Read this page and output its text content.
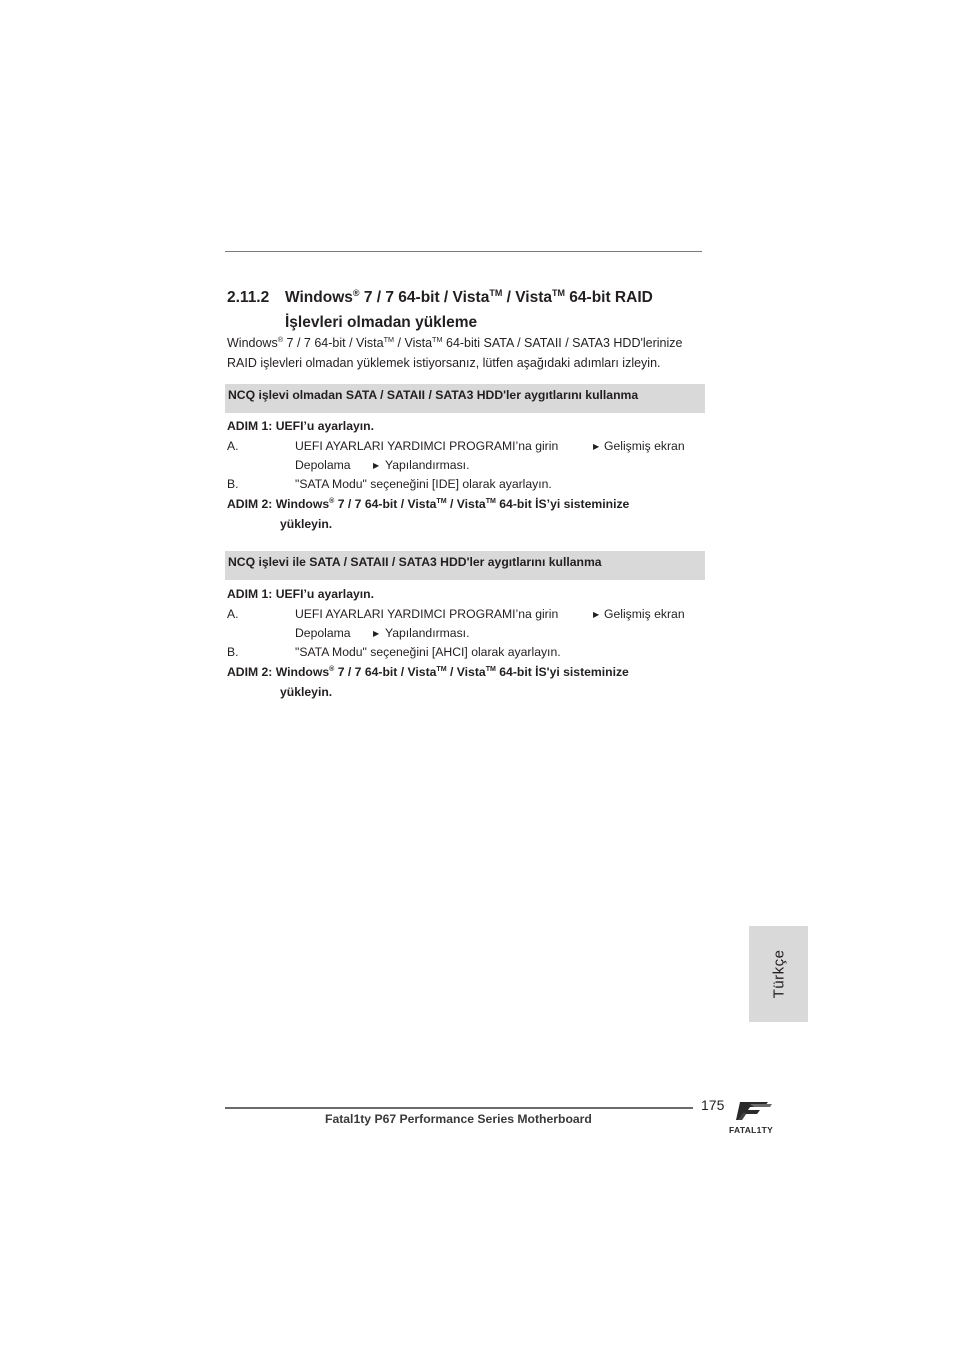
2.11.2 Windows® 7 / 7 64-bit / Vista™ / Vista™ 64-bit RAID
İşlevleri olmadan yükleme
Windows® 7 / 7 64-bit / Vista™ / Vista™ 64-biti SATA / SATAII / SATA3 HDD'lerinize
RAID işlevleri olmadan yüklemek istiyorsanız, lütfen aşağıdaki adımları izleyin.
NCQ işlevi olmadan SATA / SATAII / SATA3 HDD'ler aygıtlarını kullanma
ADIM 1: UEFI’u ayarlayın.
A.	UEFI AYARLARI YARDIMCI PROGRAMI’na girin	▶ Gelişmiş ekran
Depolama	▶ Yapılandırması.
B.	"SATA Modu" seçeneğini [IDE] olarak ayarlayın.
ADIM 2: Windows® 7 / 7 64-bit / Vista™ / Vista™ 64-bit İS’yi sisteminize
yükleyin.
NCQ işlevi ile SATA / SATAII / SATA3 HDD'ler aygıtlarını kullanma
ADIM 1: UEFI’u ayarlayın.
A.	UEFI AYARLARI YARDIMCI PROGRAMI’na girin	▶ Gelişmiş ekran
Depolama	▶ Yapılandırması.
B.	"SATA Modu" seçeneğini [AHCI] olarak ayarlayın.
ADIM 2: Windows® 7 / 7 64-bit / Vista™ / Vista™ 64-bit İS'yi sisteminize
yükleyin.
Türkçe
175
Fatal1ty P67 Performance Series Motherboard
FATAL1TY
